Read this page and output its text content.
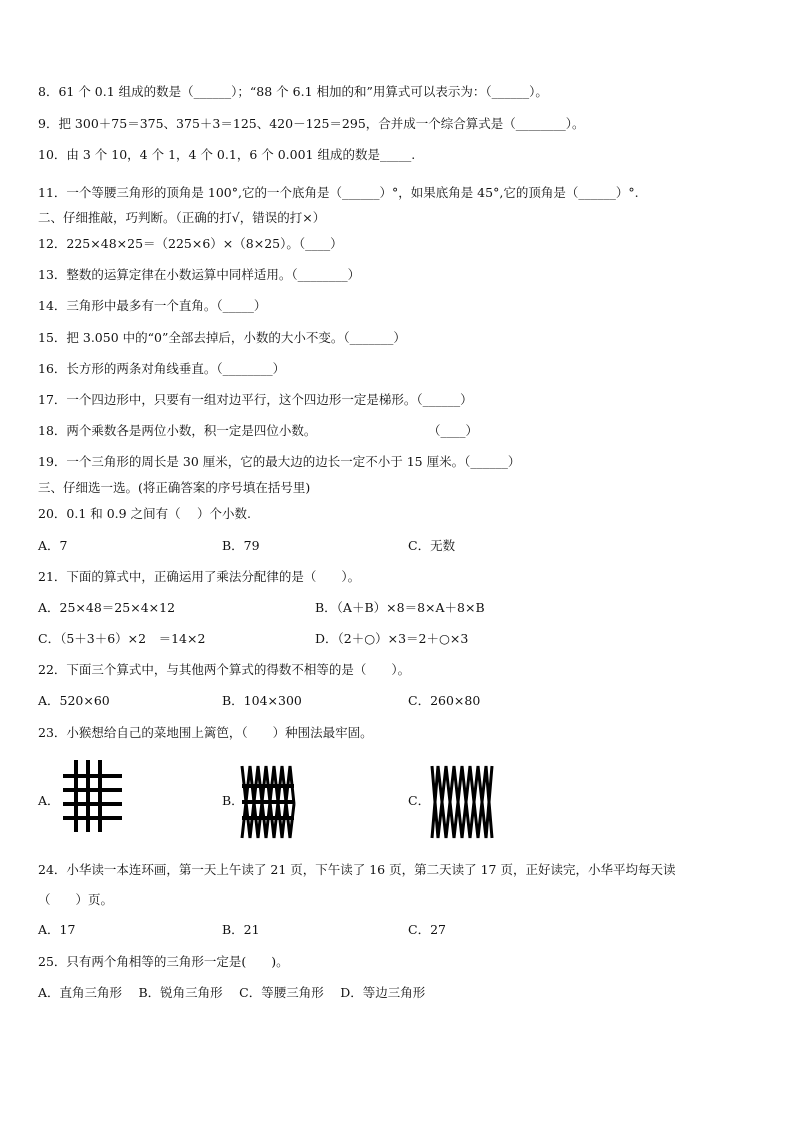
8．61 个 0.1 组成的数是（______）；“88 个 6.1 相加的和”用算式可以表示为：（______）。
9．把 300＋75＝375、375＋3＝125、420－125＝295，合并成一个综合算式是（________）。
10．由 3 个 10，4 个 1，4 个 0.1，6 个 0.001 组成的数是_____.
11．一个等腰三角形的顶角是 100°,它的一个底角是（______）°，如果底角是 45°,它的顶角是（______）°.
二、仔细推敲，巧判断。（正确的打√，错误的打×）
12．225×48×25＝（225×6）×（8×25）。（____）
13．整数的运算定律在小数运算中同样适用。（________）
14．三角形中最多有一个直角。（_____）
15．把 3.050 中的“0”全部去掉后，小数的大小不变。（_______）
16．长方形的两条对角线垂直。（________）
17．一个四边形中，只要有一组对边平行，这个四边形一定是梯形。（______）
18．两个乘数各是两位小数，积一定是四位小数。	（____）
19．一个三角形的周长是 30 厘米，它的最大边的边长一定不小于 15 厘米。（______）
三、仔细选一选。(将正确答案的序号填在括号里)
20．0.1 和 0.9 之间有（　 ）个小数.
A．7	B．79	C．无数
21．下面的算式中，正确运用了乘法分配律的是（　　）。
A．25×48＝25×4×12	B．（A＋B）×8＝8×A＋8×B
C．（5＋3＋6）×2　＝14×2	D．（2＋○）×3＝2＋○×3
22．下面三个算式中，与其他两个算式的得数不相等的是（　　）。
A．520×60	B．104×300	C．260×80
23．小猴想给自己的菜地围上篱笆，（　　）种围法最牢固。
A．	B．	C．
24．小华读一本连环画，第一天上午读了 21 页，下午读了 16 页，第二天读了 17 页，正好读完，小华平均每天读
（　　）页。
A．17	B．21	C．27
25．只有两个角相等的三角形一定是(　　)。
A．直角三角形　 B．锐角三角形　 C．等腰三角形　 D．等边三角形
